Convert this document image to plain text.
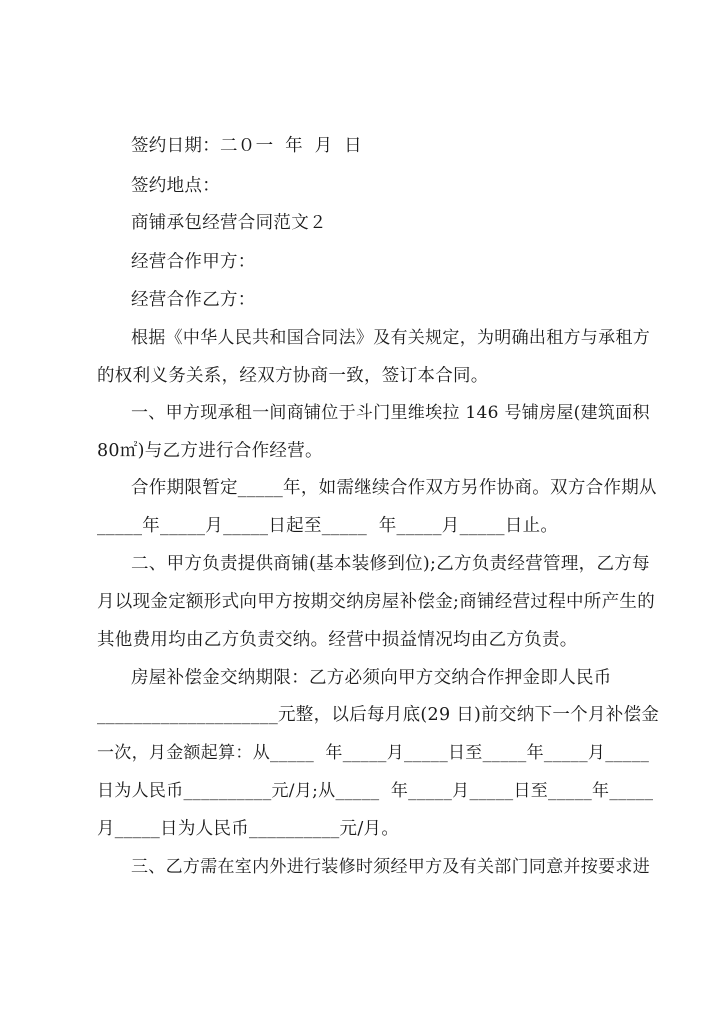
签约日期：二０一  年  月  日
签约地点：
商铺承包经营合同范文２
经营合作甲方：
经营合作乙方：
根据《中华人民共和国合同法》及有关规定，为明确出租方与承租方
的权利义务关系，经双方协商一致，签订本合同。
一、甲方现承租一间商铺位于斗门里维埃拉 146 号铺房屋(建筑面积
80㎡)与乙方进行合作经营。
合作期限暂定_____年，如需继续合作双方另作协商。双方合作期从
_____年_____月_____日起至_____  年_____月_____日止。
二、甲方负责提供商铺(基本装修到位);乙方负责经营管理，乙方每
月以现金定额形式向甲方按期交纳房屋补偿金;商铺经营过程中所产生的
其他费用均由乙方负责交纳。经营中损益情况均由乙方负责。
房屋补偿金交纳期限：乙方必须向甲方交纳合作押金即人民币
____________________元整，以后每月底(29 日)前交纳下一个月补偿金
一次，月金额起算：从_____  年_____月_____日至_____年_____月_____
日为人民币__________元/月;从_____  年_____月_____日至_____年_____
月_____日为人民币__________元/月。
三、乙方需在室内外进行装修时须经甲方及有关部门同意并按要求进
